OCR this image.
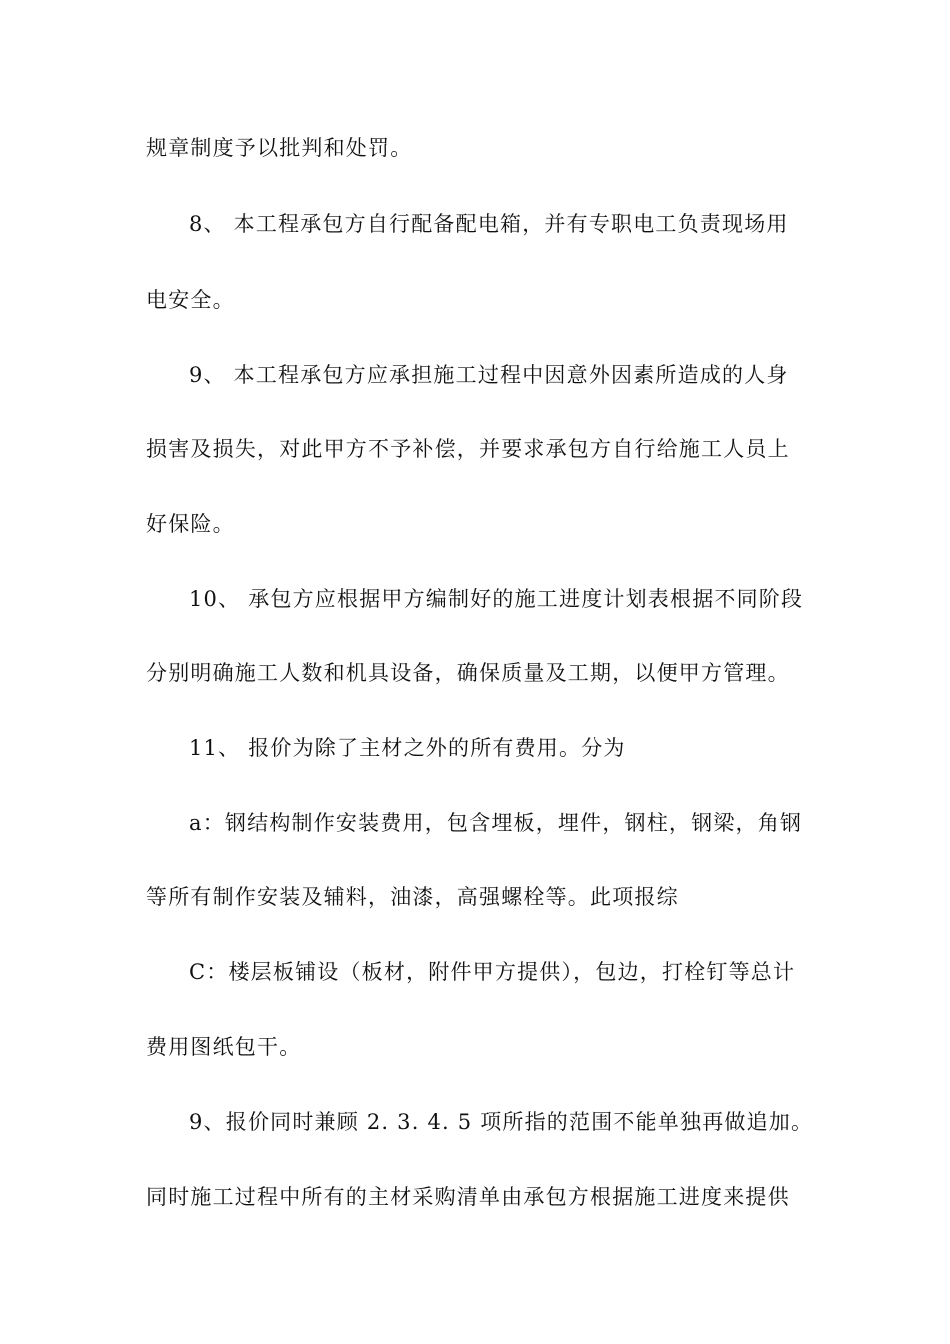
规章制度予以批判和处罚。
8、 本工程承包方自行配备配电箱，并有专职电工负责现场用
电安全。
9、 本工程承包方应承担施工过程中因意外因素所造成的人身
损害及损失，对此甲方不予补偿，并要求承包方自行给施工人员上
好保险。
10、 承包方应根据甲方编制好的施工进度计划表根据不同阶段
分别明确施工人数和机具设备，确保质量及工期，以便甲方管理。
11、 报价为除了主材之外的所有费用。分为
a：钢结构制作安装费用，包含埋板，埋件，钢柱，钢梁，角钢
等所有制作安装及辅料，油漆，高强螺栓等。此项报综
C：楼层板铺设（板材，附件甲方提供），包边，打栓钉等总计
费用图纸包干。
9、报价同时兼顾 2. 3. 4. 5 项所指的范围不能单独再做追加。
同时施工过程中所有的主材采购清单由承包方根据施工进度来提供
